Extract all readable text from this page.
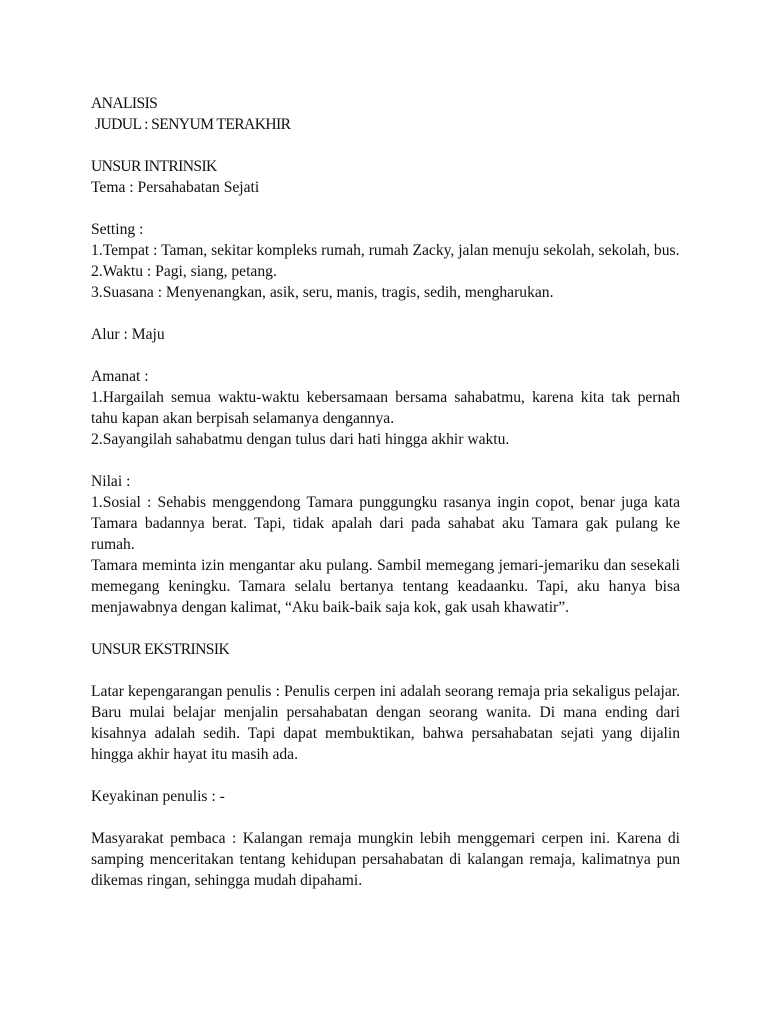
ANALISIS

JUDUL : SENYUM TERAKHIR

UNSUR INTRINSIK

Tema : Persahabatan Sejati

Setting :

1.Tempat : Taman, sekitar kompleks rumah, rumah Zacky, jalan menuju sekolah, sekolah, bus.

2.Waktu : Pagi, siang, petang.

3.Suasana : Menyenangkan, asik, seru, manis, tragis, sedih, mengharukan.

Alur : Maju

Amanat :

1.Hargailah semua waktu-waktu kebersamaan bersama sahabatmu, karena kita tak pernah tahu kapan akan berpisah selamanya dengannya.

2.Sayangilah sahabatmu dengan tulus dari hati hingga akhir waktu.

Nilai :

1.Sosial : Sehabis menggendong Tamara punggungku rasanya ingin copot, benar juga kata Tamara badannya berat. Tapi, tidak apalah dari pada sahabat aku Tamara gak pulang ke rumah.

Tamara meminta izin mengantar aku pulang. Sambil memegang jemari-jemariku dan sesekali memegang keningku. Tamara selalu bertanya tentang keadaanku. Tapi, aku hanya bisa menjawabnya dengan kalimat, “Aku baik-baik saja kok, gak usah khawatir”.

UNSUR EKSTRINSIK

Latar kepengarangan penulis : Penulis cerpen ini adalah seorang remaja pria sekaligus pelajar. Baru mulai belajar menjalin persahabatan dengan seorang wanita. Di mana ending dari kisahnya adalah sedih. Tapi dapat membuktikan, bahwa persahabatan sejati yang dijalin hingga akhir hayat itu masih ada.

Keyakinan penulis : -

Masyarakat pembaca : Kalangan remaja mungkin lebih menggemari cerpen ini. Karena di samping menceritakan tentang kehidupan persahabatan di kalangan remaja, kalimatnya pun dikemas ringan, sehingga mudah dipahami.
